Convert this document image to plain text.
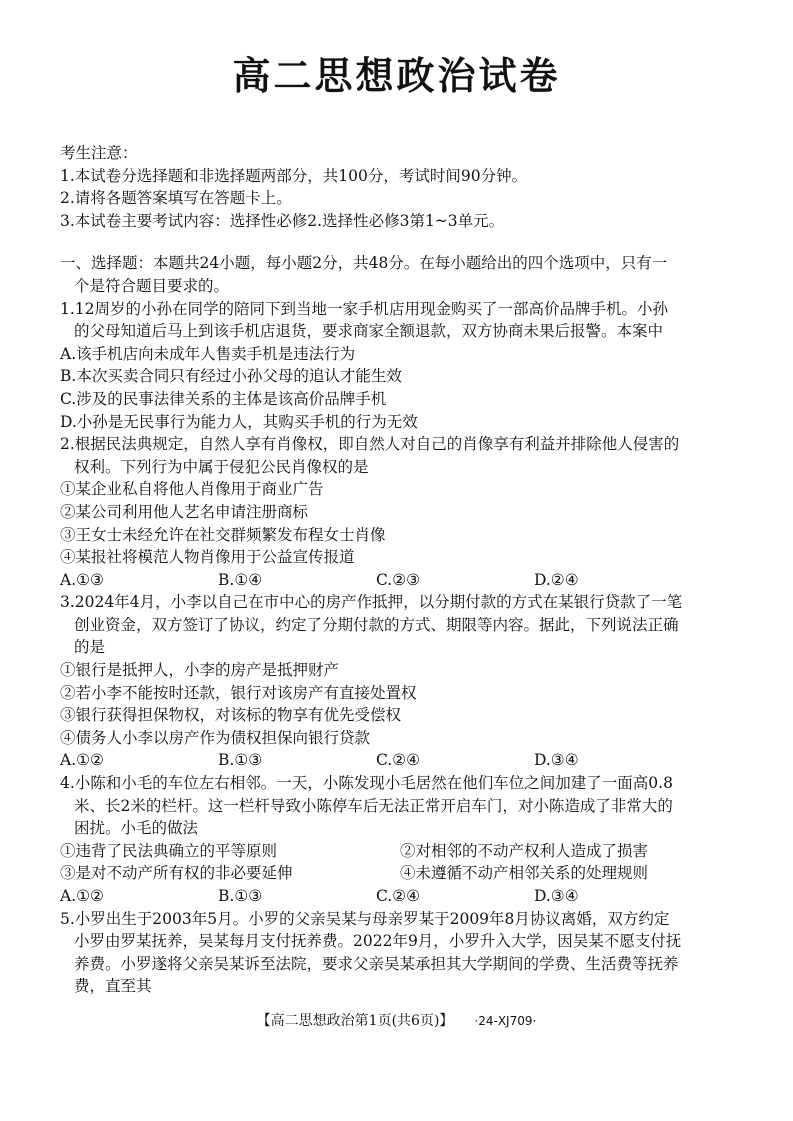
高二思想政治试卷
考生注意：
1.本试卷分选择题和非选择题两部分，共100分，考试时间90分钟。
2.请将各题答案填写在答题卡上。
3.本试卷主要考试内容：选择性必修2.选择性必修3第1~3单元。
一、选择题：本题共24小题，每小题2分，共48分。在每小题给出的四个选项中，只有一
个是符合题目要求的。
1.12周岁的小孙在同学的陪同下到当地一家手机店用现金购买了一部高价品牌手机。小孙
的父母知道后马上到该手机店退货，要求商家全额退款，双方协商未果后报警。本案中
A.该手机店向未成年人售卖手机是违法行为
B.本次买卖合同只有经过小孙父母的追认才能生效
C.涉及的民事法律关系的主体是该高价品牌手机
D.小孙是无民事行为能力人，其购买手机的行为无效
2.根据民法典规定，自然人享有肖像权，即自然人对自己的肖像享有利益并排除他人侵害的
权利。下列行为中属于侵犯公民肖像权的是
①某企业私自将他人肖像用于商业广告
②某公司利用他人艺名申请注册商标
③王女士未经允许在社交群频繁发布程女士肖像
④某报社将模范人物肖像用于公益宣传报道
A.①③	B.①④	C.②③	D.②④
3.2024年4月，小李以自己在市中心的房产作抵押，以分期付款的方式在某银行贷款了一笔
创业资金，双方签订了协议，约定了分期付款的方式、期限等内容。据此，下列说法正确
的是
①银行是抵押人，小李的房产是抵押财产
②若小李不能按时还款，银行对该房产有直接处置权
③银行获得担保物权，对该标的物享有优先受偿权
④债务人小李以房产作为债权担保向银行贷款
A.①②	B.①③	C.②④	D.③④
4.小陈和小毛的车位左右相邻。一天，小陈发现小毛居然在他们车位之间加建了一面高0.8
米、长2米的栏杆。这一栏杆导致小陈停车后无法正常开启车门，对小陈造成了非常大的
困扰。小毛的做法
①违背了民法典确立的平等原则	②对相邻的不动产权利人造成了损害
③是对不动产所有权的非必要延伸	④未遵循不动产相邻关系的处理规则
A.①②	B.①③	C.②④	D.③④
5.小罗出生于2003年5月。小罗的父亲吴某与母亲罗某于2009年8月协议离婚，双方约定
小罗由罗某抚养，吴某每月支付抚养费。2022年9月，小罗升入大学，因吴某不愿支付抚
养费。小罗遂将父亲吴某诉至法院，要求父亲吴某承担其大学期间的学费、生活费等抚养
费，直至其
【高二思想政治第1页(共6页)】 ·24-XJ709·
